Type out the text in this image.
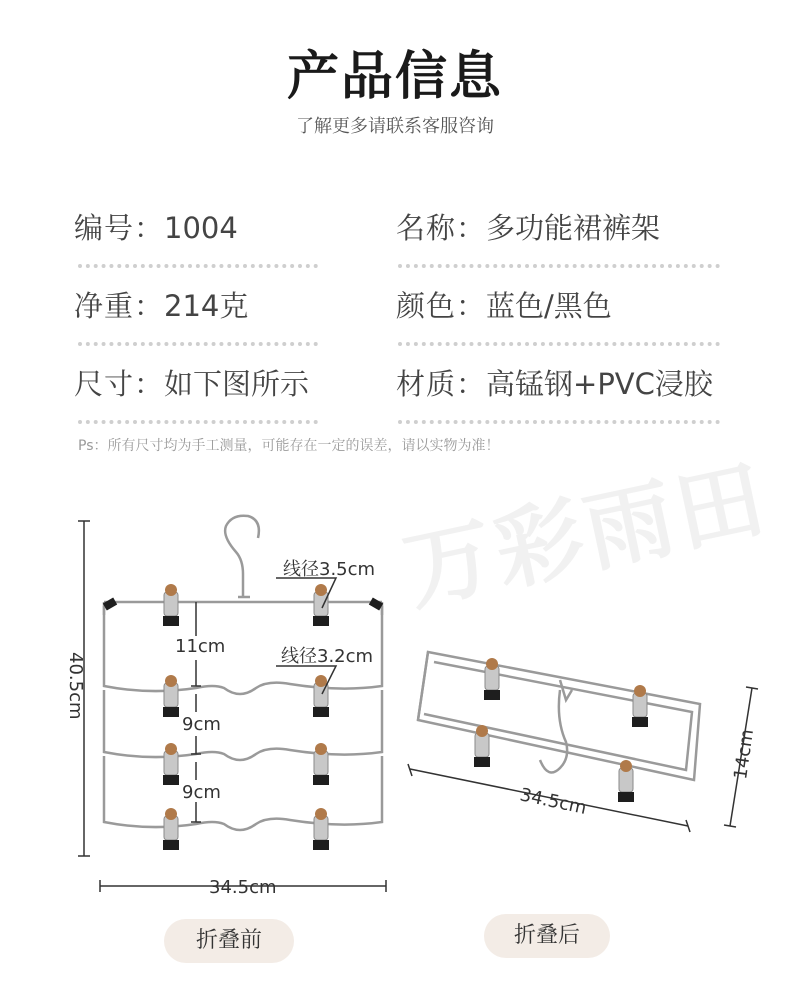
产品信息
了解更多请联系客服咨询
编号：1004	名称：多功能裙裤架
净重：214克	颜色：蓝色/黑色
尺寸：如下图所示	材质：高锰钢+PVC浸胶
Ps：所有尺寸均为手工测量，可能存在一定的误差，请以实物为准！
万彩雨田
线径3.5cm
线径3.2cm
11cm
9cm
9cm
34.5cm
40.5cm
34.5cm
14cm
折叠前	折叠后
